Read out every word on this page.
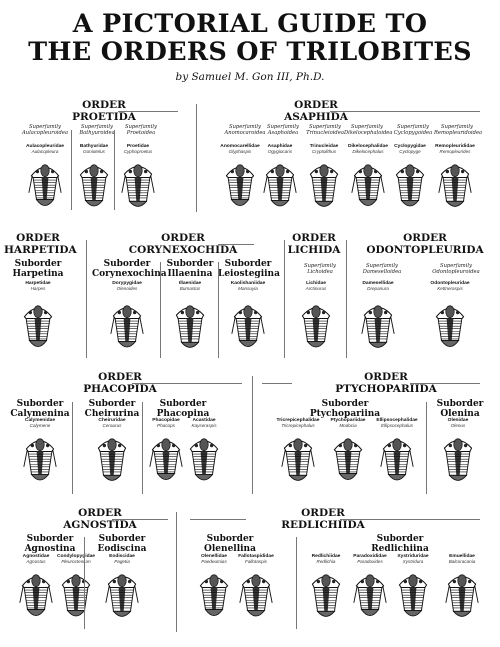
A PICTORIAL GUIDE TO
THE ORDERS OF TRILOBITES
by Samuel M. Gon III, Ph.D.
ORDER
PROETIDA
ORDER
ASAPHIDA
ORDER
HARPETIDA
ORDER
CORYNEXOCHIDA
ORDER
LICHIDA
ORDER
ODONTOPLEURIDA
ORDER
PHACOPIDA
ORDER
PTYCHOPARIIDA
ORDER
AGNOSTIDA
ORDER
REDLICHIIDA
Suborder
Harpetina
Suborder
Corynexochina
Suborder
Illaenina
Suborder
Leiostegiina
Suborder
Calymenina
Suborder
Cheirurina
Suborder
Phacopina
Suborder
Ptychopariina
Suborder
Olenina
Suborder
Agnostina
Suborder
Eodiscina
Suborder
Olenellina
Suborder
Redlichiina
Superfamily
Aulacopleuroidea
Superfamily
Bathyuroidea
Superfamily
Proetoidea
Superfamily
Anomocaroidea
Superfamily
Asaphoidea
Superfamily
Trinucleioidea
Superfamily
Dikelocephaloidea
Superfamily
Cyclopygoidea
Superfamily
Remopleuridoidea
Superfamily
Lichoidea
Superfamily
Dameselloidea
Superfamily
Odontopleuroidea
Aulacopleuridae
Aulacopleura
Bathyuridae
Goniotelus
Proetidae
Cyphoproetus
Anomocarellidae
Glyphaspis
Asaphidae
Ogygiocaris
Trinucleidae
Cryptolithus
Dikelocephalidae
Dikelocephalus
Cyclopygidae
Cyclopyge
Remopleurididae
Remopleurides
Harpetidae
Harpes
Dorypygidae
Olenoides
Illaenidae
Bumastus
Kaolishaniidae
Mansuyia
Lichidae
Arctinurus
Damesellidae
Drepanura
Odontopleuridae
Kettneraspis
Calymenidae
Calymene
Cheiruridae
Ceraurus
Phacopidae
Phacops
Acastidae
Kayseraspis
Tricrepicephalidae
Tricrepicephalus
Ptychopariidae
Modocia
Ellipsocephalidae
Ellipsocephalus
Olenidae
Olenus
Agnostidae
Agnostus
Condylopygidae
Pleuroctenium
Eodiscidae
Pagetia
Olenellidae
Paedeumias
Fallotaspididae
Fallotaspis
Redlichiidae
Redlichia
Paradoxididae
Paradoxides
Xystriduridae
Xystridura
Emuellidae
Balcoracania
